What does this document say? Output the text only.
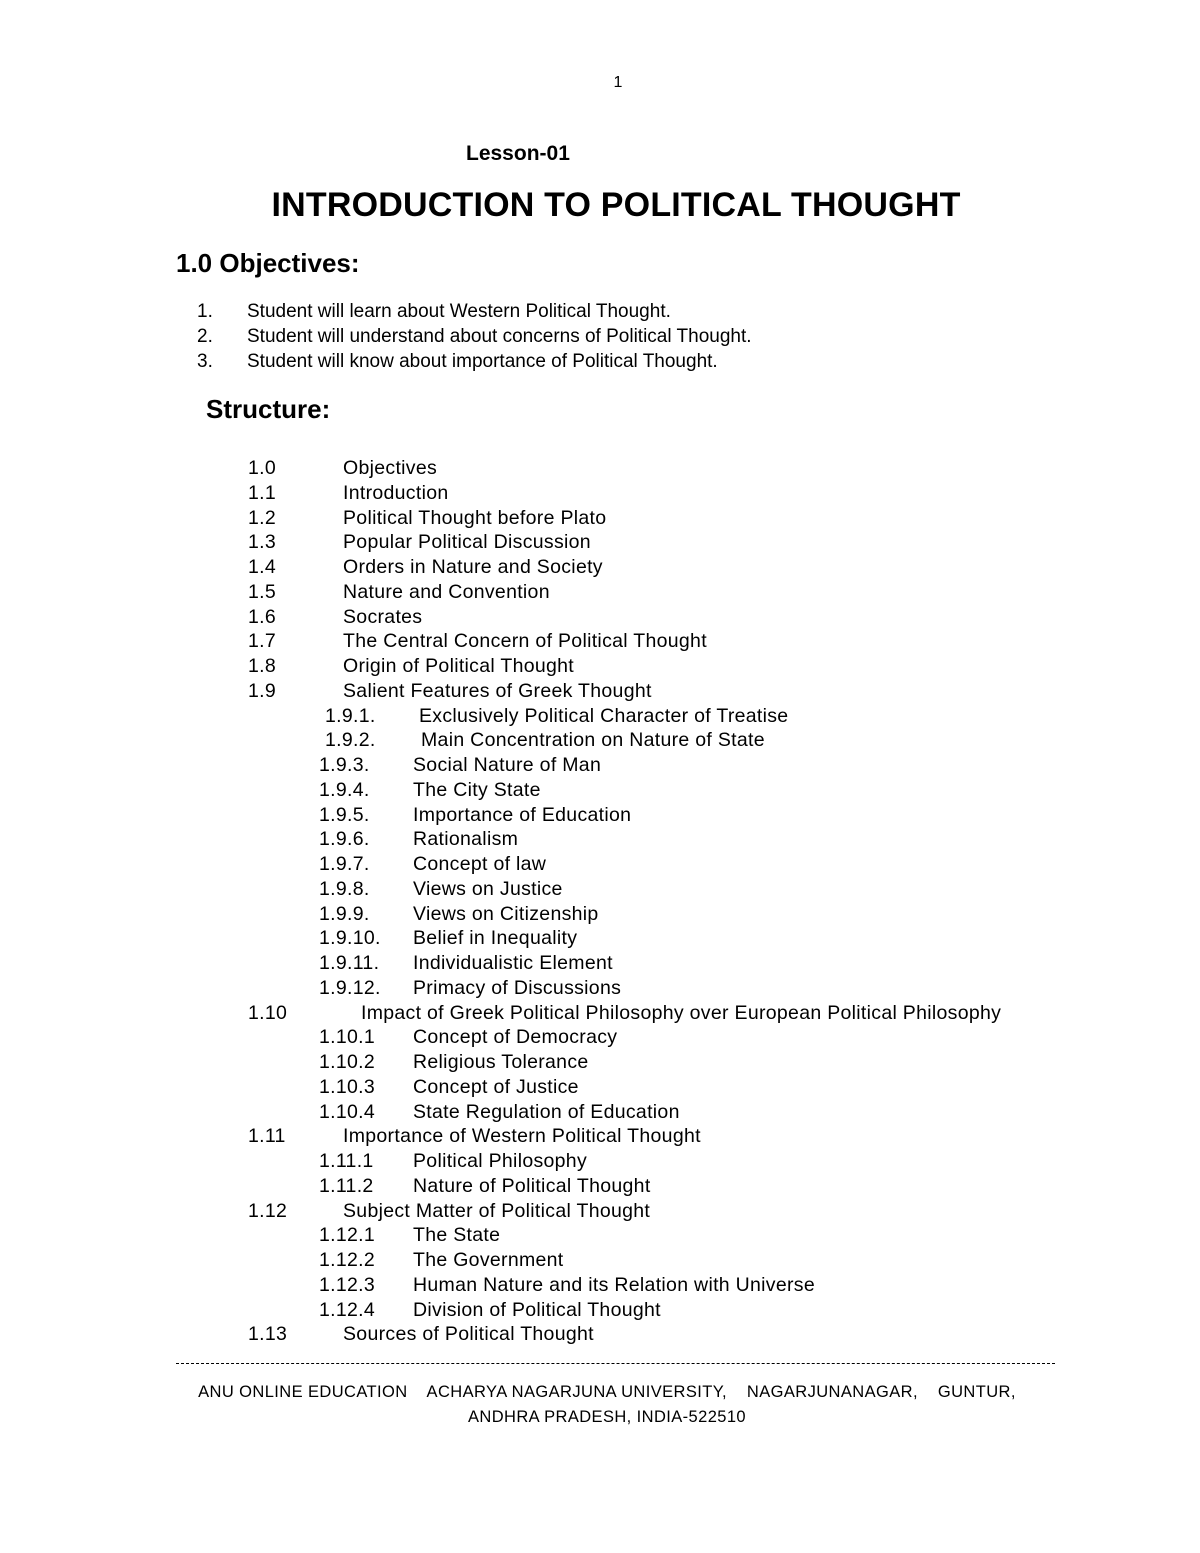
1
Lesson-01
INTRODUCTION TO POLITICAL THOUGHT
1.0 Objectives:
1. Student will learn about Western Political Thought.
2. Student will understand about concerns of Political Thought.
3. Student will know about importance of Political Thought.
Structure:
1.0	Objectives
1.1	Introduction
1.2	Political Thought before Plato
1.3	Popular Political Discussion
1.4	Orders in Nature and Society
1.5	Nature and Convention
1.6	Socrates
1.7	The Central Concern of Political Thought
1.8	Origin of Political Thought
1.9	Salient Features of Greek Thought
1.9.1. Exclusively Political Character of Treatise
1.9.2. Main Concentration on Nature of State
1.9.3. Social Nature of Man
1.9.4. The City State
1.9.5. Importance of Education
1.9.6. Rationalism
1.9.7. Concept of law
1.9.8. Views on Justice
1.9.9. Views on Citizenship
1.9.10. Belief in Inequality
1.9.11. Individualistic Element
1.9.12. Primacy of Discussions
1.10	Impact of Greek Political Philosophy over European Political Philosophy
1.10.1 Concept of Democracy
1.10.2 Religious Tolerance
1.10.3 Concept of Justice
1.10.4 State Regulation of Education
1.11	Importance of Western Political Thought
1.11.1 Political Philosophy
1.11.2 Nature of Political Thought
1.12	Subject Matter of Political Thought
1.12.1 The State
1.12.2 The Government
1.12.3 Human Nature and its Relation with Universe
1.12.4 Division of Political Thought
1.13	Sources of Political Thought
ANU ONLINE EDUCATION    ACHARYA NAGARJUNA UNIVERSITY,    NAGARJUNANAGAR,    GUNTUR,
ANDHRA PRADESH, INDIA-522510
